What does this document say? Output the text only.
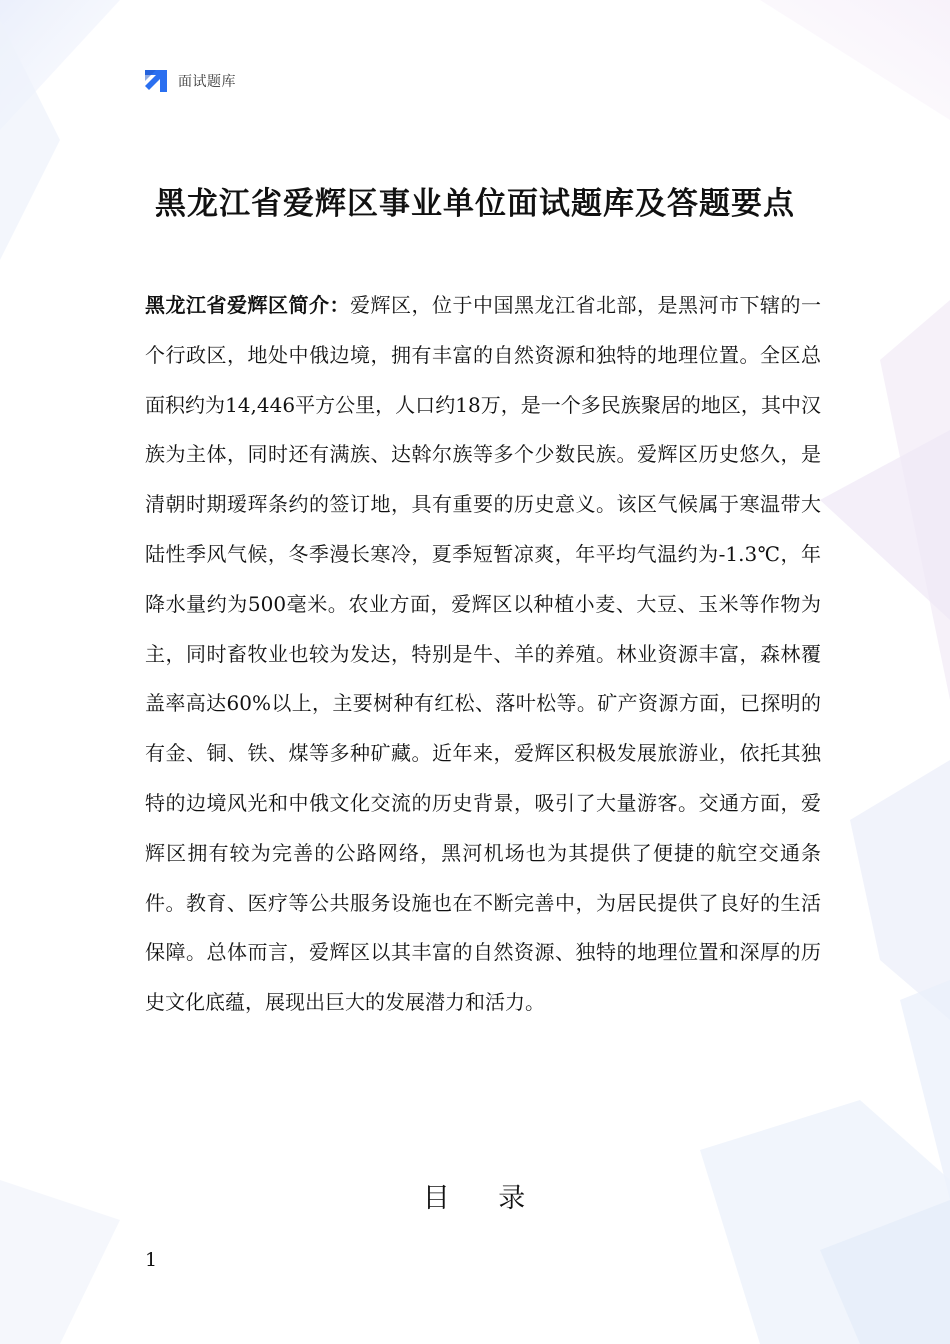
面试题库
黑龙江省爱辉区事业单位面试题库及答题要点
黑龙江省爱辉区简介：爱辉区，位于中国黑龙江省北部，是黑河市下辖的一个行政区，地处中俄边境，拥有丰富的自然资源和独特的地理位置。全区总面积约为14,446平方公里，人口约18万，是一个多民族聚居的地区，其中汉族为主体，同时还有满族、达斡尔族等多个少数民族。爱辉区历史悠久，是清朝时期瑷珲条约的签订地，具有重要的历史意义。该区气候属于寒温带大陆性季风气候，冬季漫长寒冷，夏季短暂凉爽，年平均气温约为-1.3℃，年降水量约为500毫米。农业方面，爱辉区以种植小麦、大豆、玉米等作物为主，同时畜牧业也较为发达，特别是牛、羊的养殖。林业资源丰富，森林覆盖率高达60%以上，主要树种有红松、落叶松等。矿产资源方面，已探明的有金、铜、铁、煤等多种矿藏。近年来，爱辉区积极发展旅游业，依托其独特的边境风光和中俄文化交流的历史背景，吸引了大量游客。交通方面，爱辉区拥有较为完善的公路网络，黑河机场也为其提供了便捷的航空交通条件。教育、医疗等公共服务设施也在不断完善中，为居民提供了良好的生活保障。总体而言，爱辉区以其丰富的自然资源、独特的地理位置和深厚的历史文化底蕴，展现出巨大的发展潜力和活力。
目 录
1
